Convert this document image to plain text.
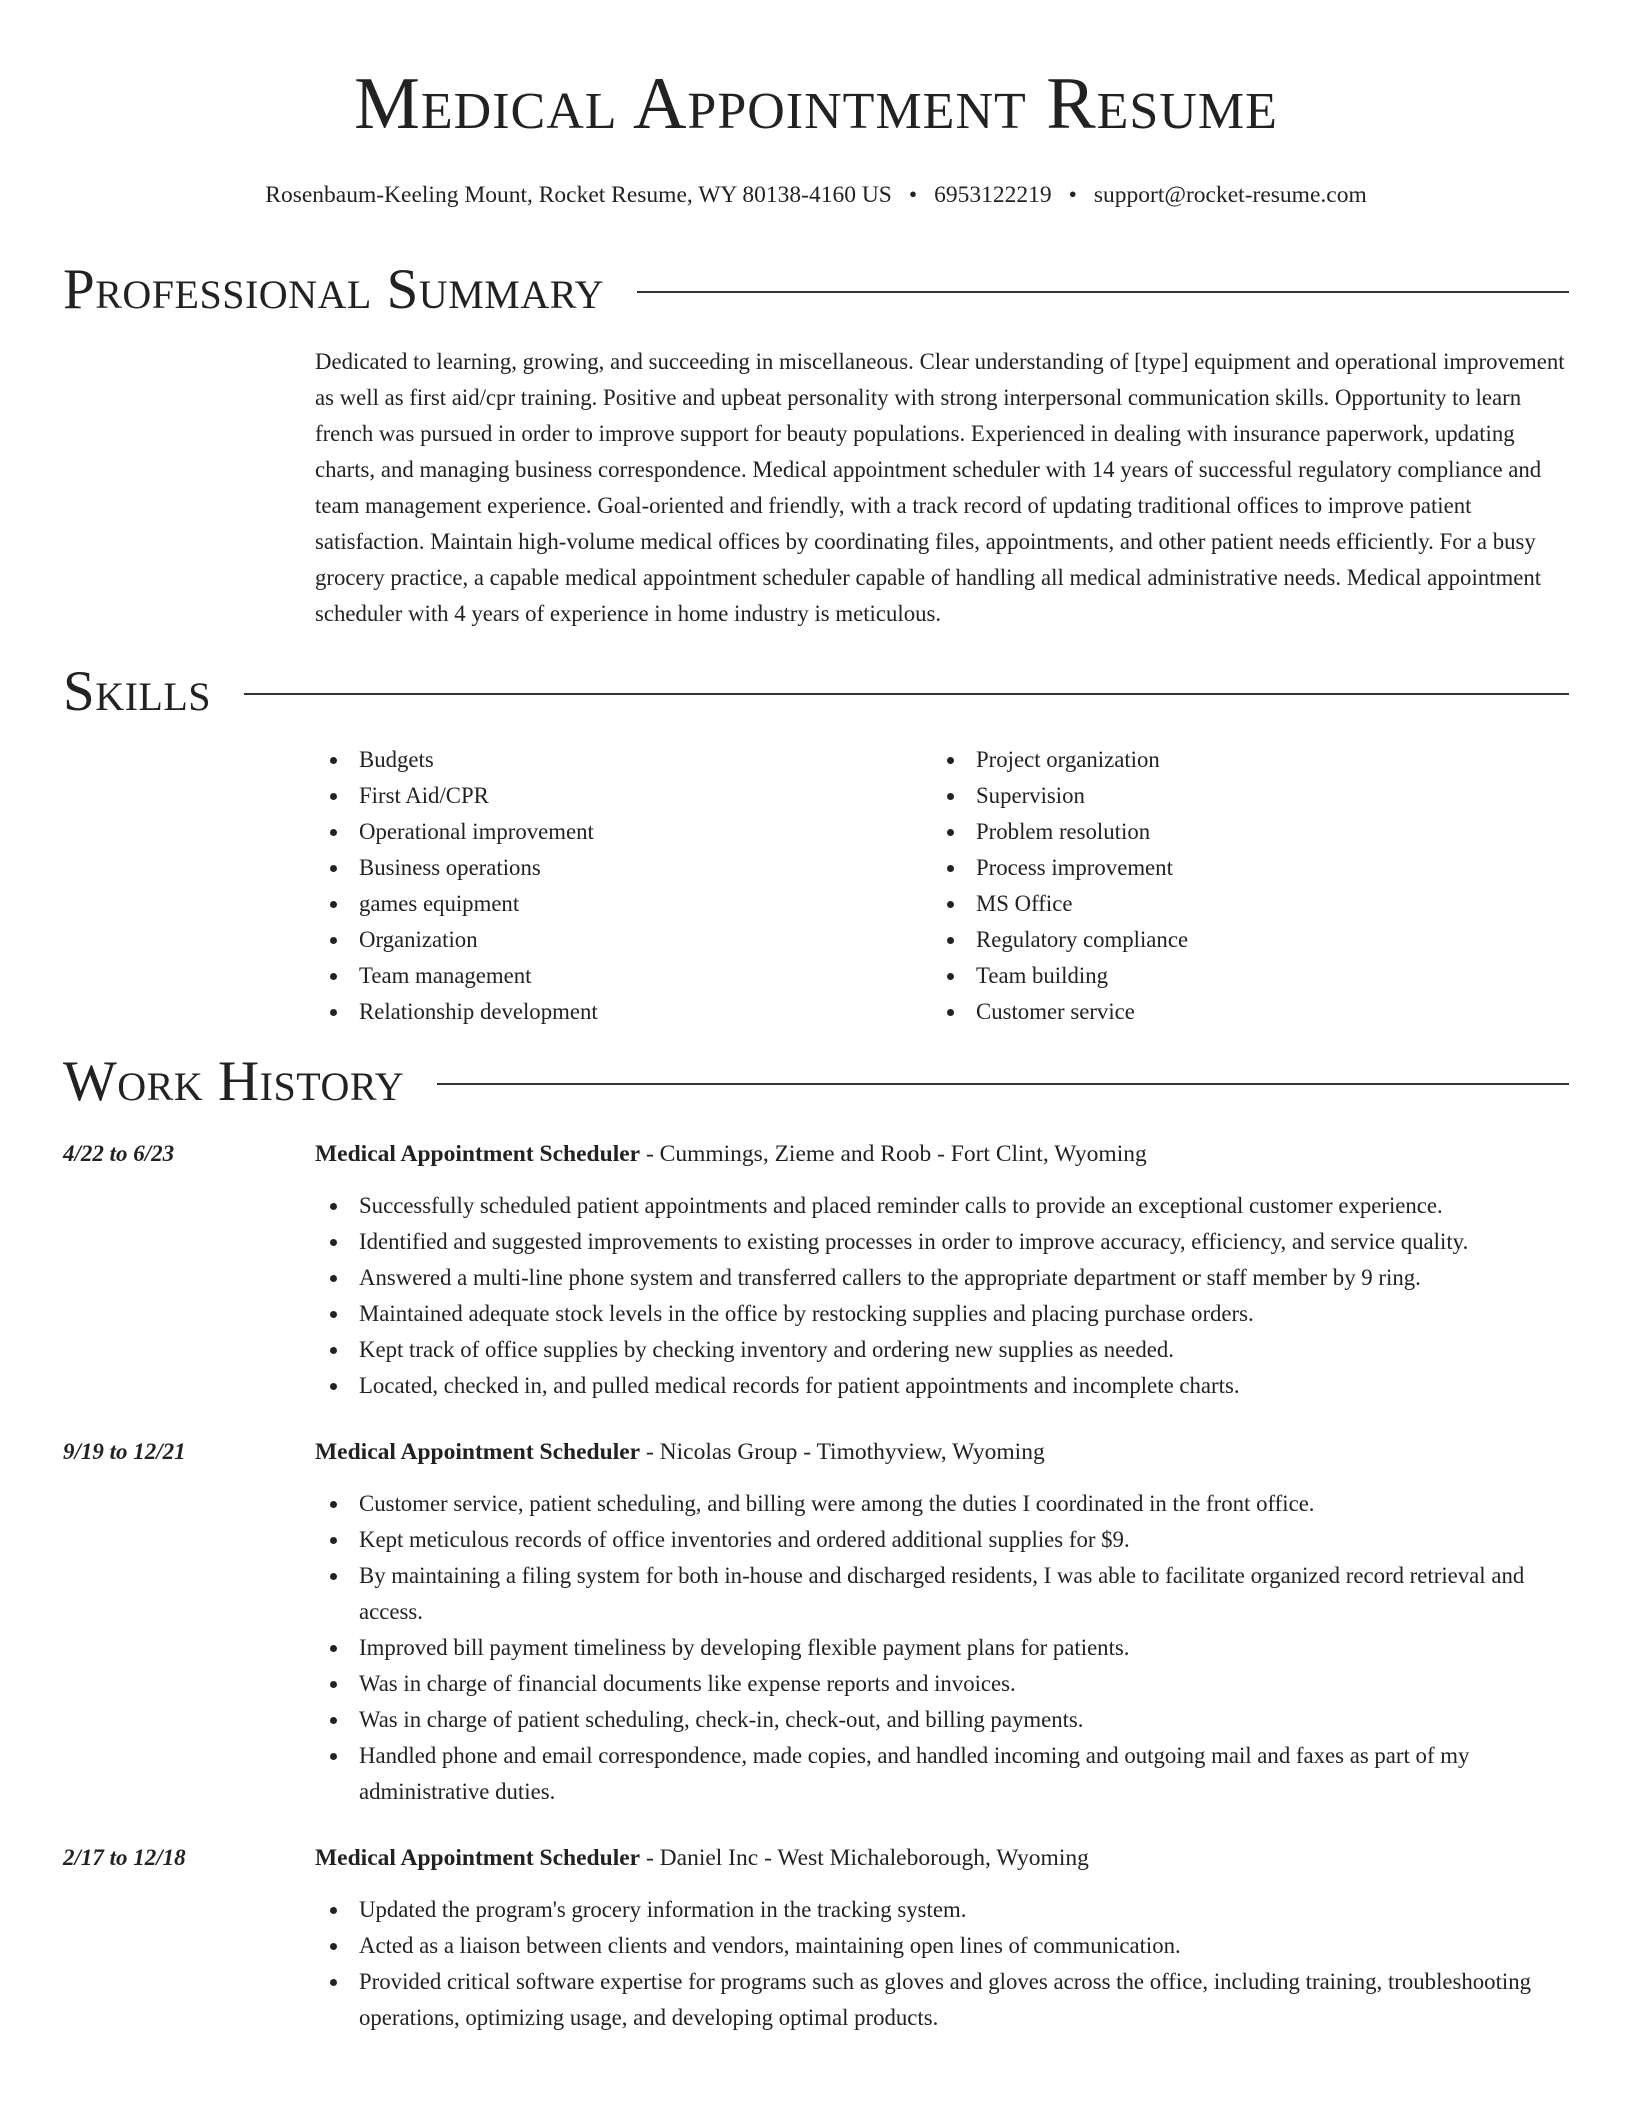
Medical Appointment Resume
Rosenbaum-Keeling Mount, Rocket Resume, WY 80138-4160 US • 6953122219 • support@rocket-resume.com
Professional Summary
Dedicated to learning, growing, and succeeding in miscellaneous. Clear understanding of [type] equipment and operational improvement as well as first aid/cpr training. Positive and upbeat personality with strong interpersonal communication skills. Opportunity to learn french was pursued in order to improve support for beauty populations. Experienced in dealing with insurance paperwork, updating charts, and managing business correspondence. Medical appointment scheduler with 14 years of successful regulatory compliance and team management experience. Goal-oriented and friendly, with a track record of updating traditional offices to improve patient satisfaction. Maintain high-volume medical offices by coordinating files, appointments, and other patient needs efficiently. For a busy grocery practice, a capable medical appointment scheduler capable of handling all medical administrative needs. Medical appointment scheduler with 4 years of experience in home industry is meticulous.
Skills
Budgets
First Aid/CPR
Operational improvement
Business operations
games equipment
Organization
Team management
Relationship development
Project organization
Supervision
Problem resolution
Process improvement
MS Office
Regulatory compliance
Team building
Customer service
Work History
4/22 to 6/23	Medical Appointment Scheduler - Cummings, Zieme and Roob - Fort Clint, Wyoming
Successfully scheduled patient appointments and placed reminder calls to provide an exceptional customer experience.
Identified and suggested improvements to existing processes in order to improve accuracy, efficiency, and service quality.
Answered a multi-line phone system and transferred callers to the appropriate department or staff member by 9 ring.
Maintained adequate stock levels in the office by restocking supplies and placing purchase orders.
Kept track of office supplies by checking inventory and ordering new supplies as needed.
Located, checked in, and pulled medical records for patient appointments and incomplete charts.
9/19 to 12/21	Medical Appointment Scheduler - Nicolas Group - Timothyview, Wyoming
Customer service, patient scheduling, and billing were among the duties I coordinated in the front office.
Kept meticulous records of office inventories and ordered additional supplies for $9.
By maintaining a filing system for both in-house and discharged residents, I was able to facilitate organized record retrieval and access.
Improved bill payment timeliness by developing flexible payment plans for patients.
Was in charge of financial documents like expense reports and invoices.
Was in charge of patient scheduling, check-in, check-out, and billing payments.
Handled phone and email correspondence, made copies, and handled incoming and outgoing mail and faxes as part of my administrative duties.
2/17 to 12/18	Medical Appointment Scheduler - Daniel Inc - West Michaleborough, Wyoming
Updated the program's grocery information in the tracking system.
Acted as a liaison between clients and vendors, maintaining open lines of communication.
Provided critical software expertise for programs such as gloves and gloves across the office, including training, troubleshooting operations, optimizing usage, and developing optimal products.
